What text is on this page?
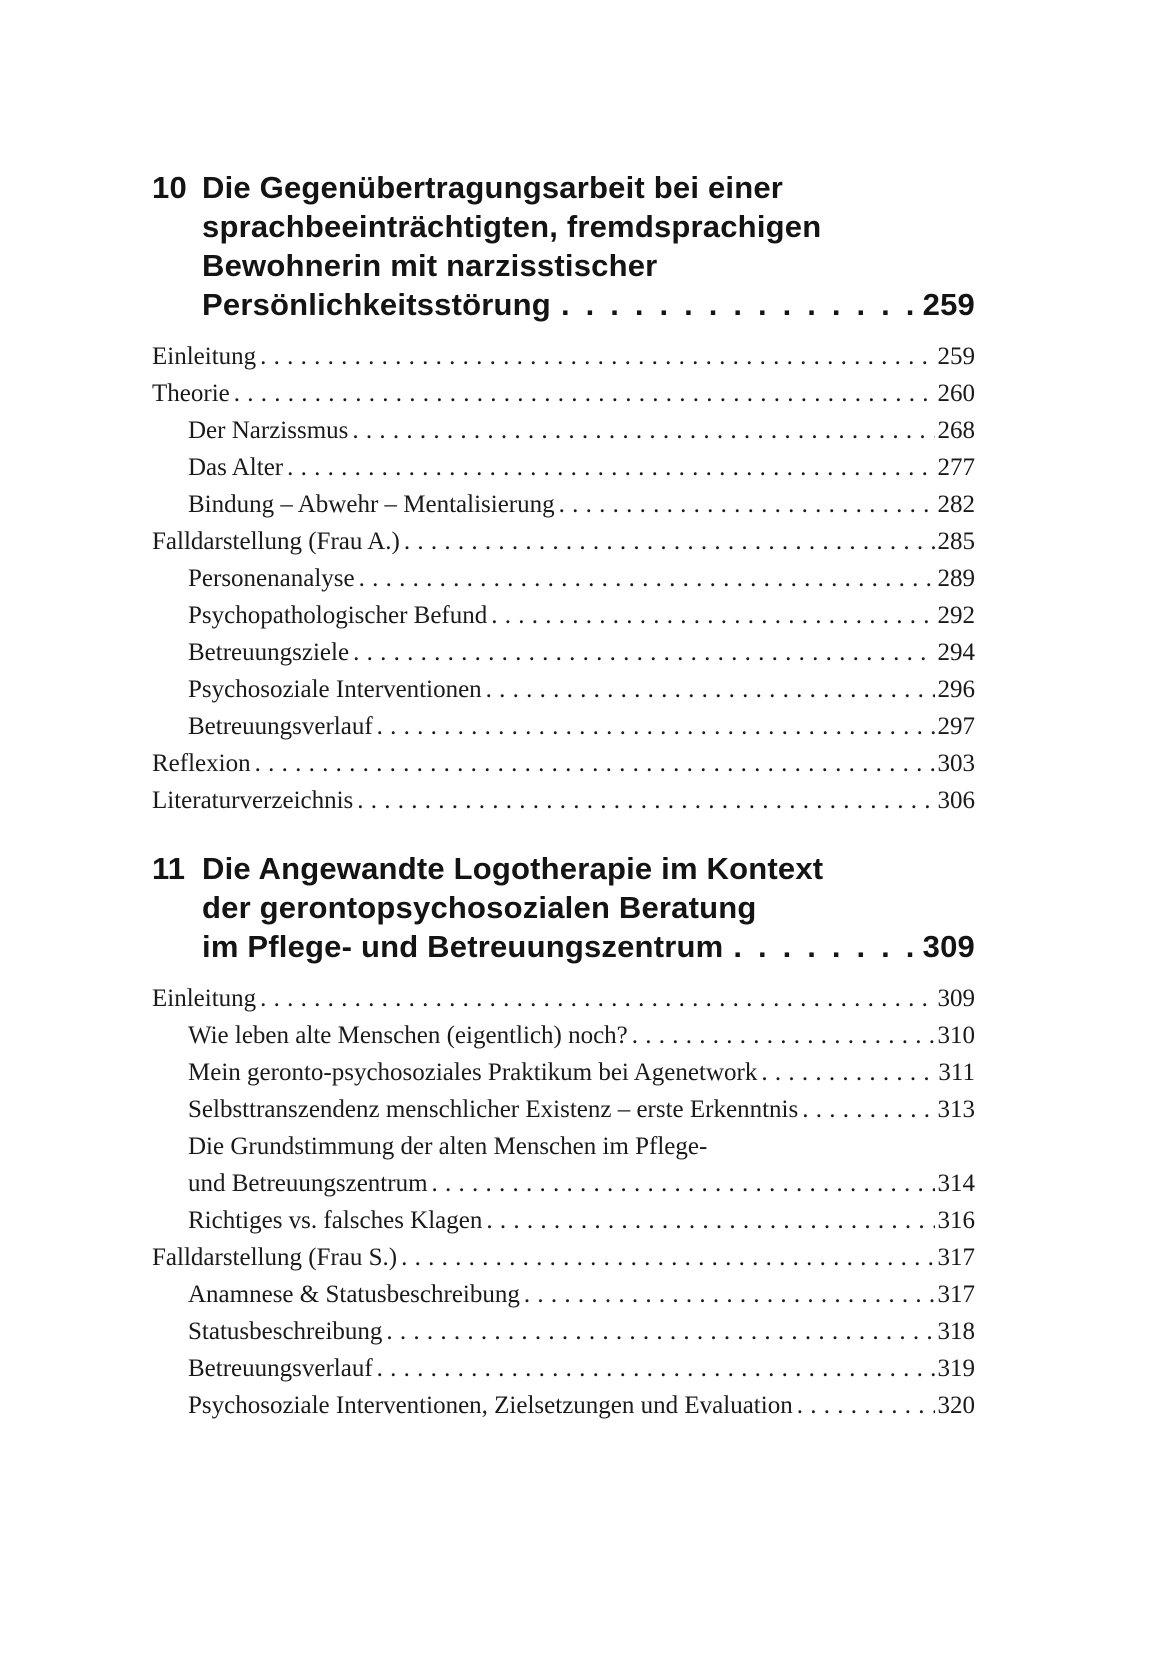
10 Die Gegenübertragungsarbeit bei einer
sprachbeeinträchtigten, fremdsprachigen
Bewohnerin mit narzisstischer
Persönlichkeitsstörung . . .	259
Einleitung . . .	259
Theorie . . .	260
Der Narzissmus . . .	268
Das Alter . . .	277
Bindung – Abwehr – Mentalisierung . . .	282
Falldarstellung (Frau A.) . . .	285
Personenanalyse . . .	289
Psychopathologischer Befund . . .	292
Betreuungsziele . . .	294
Psychosoziale Interventionen . . .	296
Betreuungsverlauf . . .	297
Reflexion . . .	303
Literaturverzeichnis . . .	306
11 Die Angewandte Logotherapie im Kontext
der gerontopsychosozialen Beratung
im Pflege- und Betreuungszentrum . . .	309
Einleitung . . .	309
Wie leben alte Menschen (eigentlich) noch? . . .	310
Mein geronto-psychosoziales Praktikum bei Agenetwork . . .	311
Selbsttranszendenz menschlicher Existenz – erste Erkenntnis . . .	313
Die Grundstimmung der alten Menschen im Pflege-
und Betreuungszentrum . . .	314
Richtiges vs. falsches Klagen . . .	316
Falldarstellung (Frau S.) . . .	317
Anamnese & Statusbeschreibung . . .	317
Statusbeschreibung . . .	318
Betreuungsverlauf . . .	319
Psychosoziale Interventionen, Zielsetzungen und Evaluation . . .	320
